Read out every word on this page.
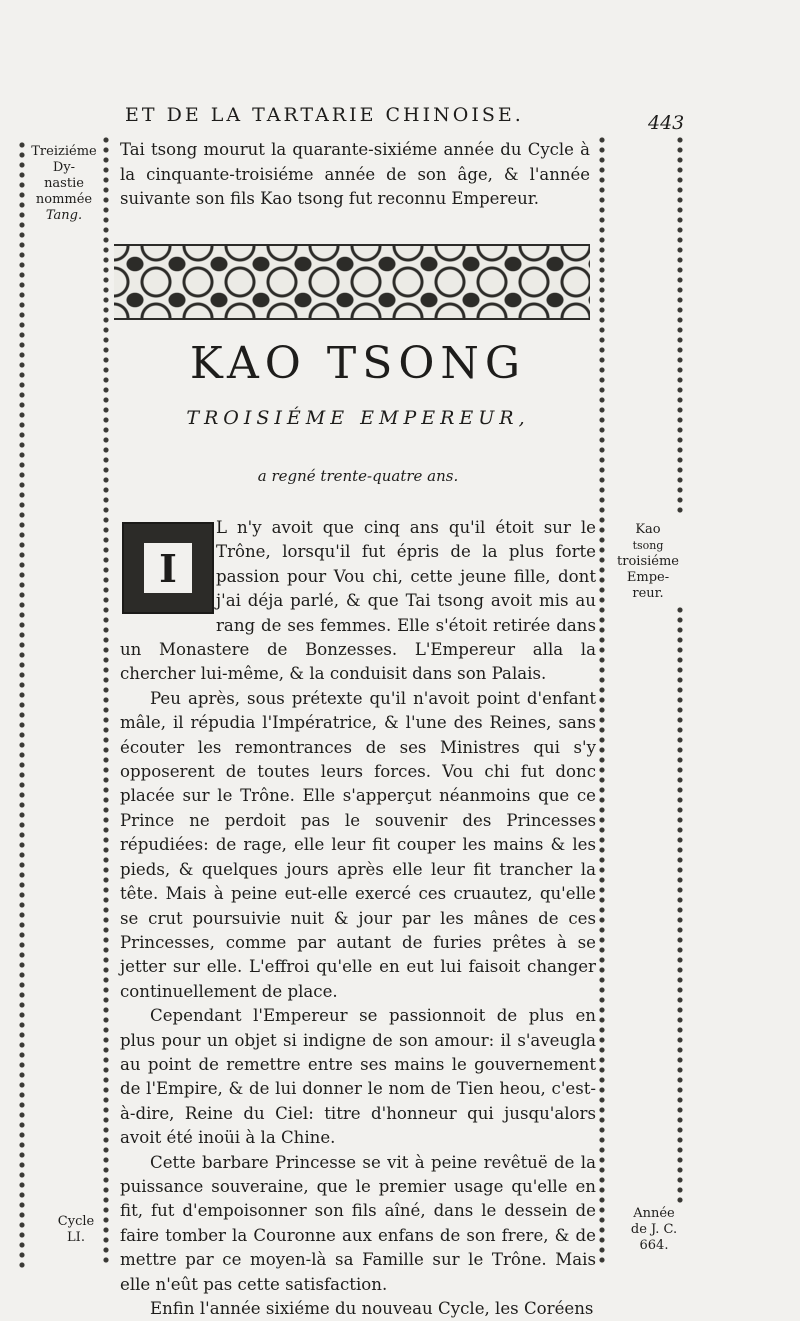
ET DE LA TARTARIE CHINOISE.	443
Treiziéme Dy-
nastie
nommée
Tang.
Tai tsong mourut la quarante-sixiéme année du Cycle à la cinquante-troisiéme année de son âge, & l'année suivante son fils Kao tsong fut reconnu Empereur.
KAO TSONG
TROISIÉME EMPEREUR,
a regné trente-quatre ans.
I
Kao
tsong
troisiéme
Empe-
reur.

L n'y avoit que cinq ans qu'il étoit sur le Trône, lorsqu'il fut épris de la plus forte passion pour Vou chi, cette jeune fille, dont j'ai déja parlé, & que Tai tsong avoit mis au rang de ses femmes. Elle s'étoit retirée dans un Monastere de Bonzesses. L'Empereur alla la chercher lui-même, & la conduisit dans son Palais.

Peu après, sous prétexte qu'il n'avoit point d'enfant mâle, il répudia l'Impératrice, & l'une des Reines, sans écouter les remontrances de ses Ministres qui s'y opposerent de toutes leurs forces. Vou chi fut donc placée sur le Trône. Elle s'apperçut néanmoins que ce Prince ne perdoit pas le souvenir des Princesses répudiées: de rage, elle leur fit couper les mains & les pieds, & quelques jours après elle leur fit trancher la tête. Mais à peine eut-elle exercé ces cruautez, qu'elle se crut poursuivie nuit & jour par les mânes de ces Princesses, comme par autant de furies prêtes à se jetter sur elle. L'effroi qu'elle en eut lui faisoit changer continuellement de place.

Cependant l'Empereur se passionnoit de plus en plus pour un objet si indigne de son amour: il s'aveugla au point de remettre entre ses mains le gouvernement de l'Empire, & de lui donner le nom de Tien heou, c'est-à-dire, Reine du Ciel: titre d'honneur qui jusqu'alors avoit été inoüi à la Chine.

Cette barbare Princesse se vit à peine revêtuë de la puissance souveraine, que le premier usage qu'elle en fit, fut d'empoisonner son fils aîné, dans le dessein de faire tomber la Couronne aux enfans de son frere, & de mettre par ce moyen-là sa Famille sur le Trône. Mais elle n'eût pas cette satisfaction.

Enfin l'année sixiéme du nouveau Cycle, les Coréens

Cycle
LI.
Année
de J. C.
664.
